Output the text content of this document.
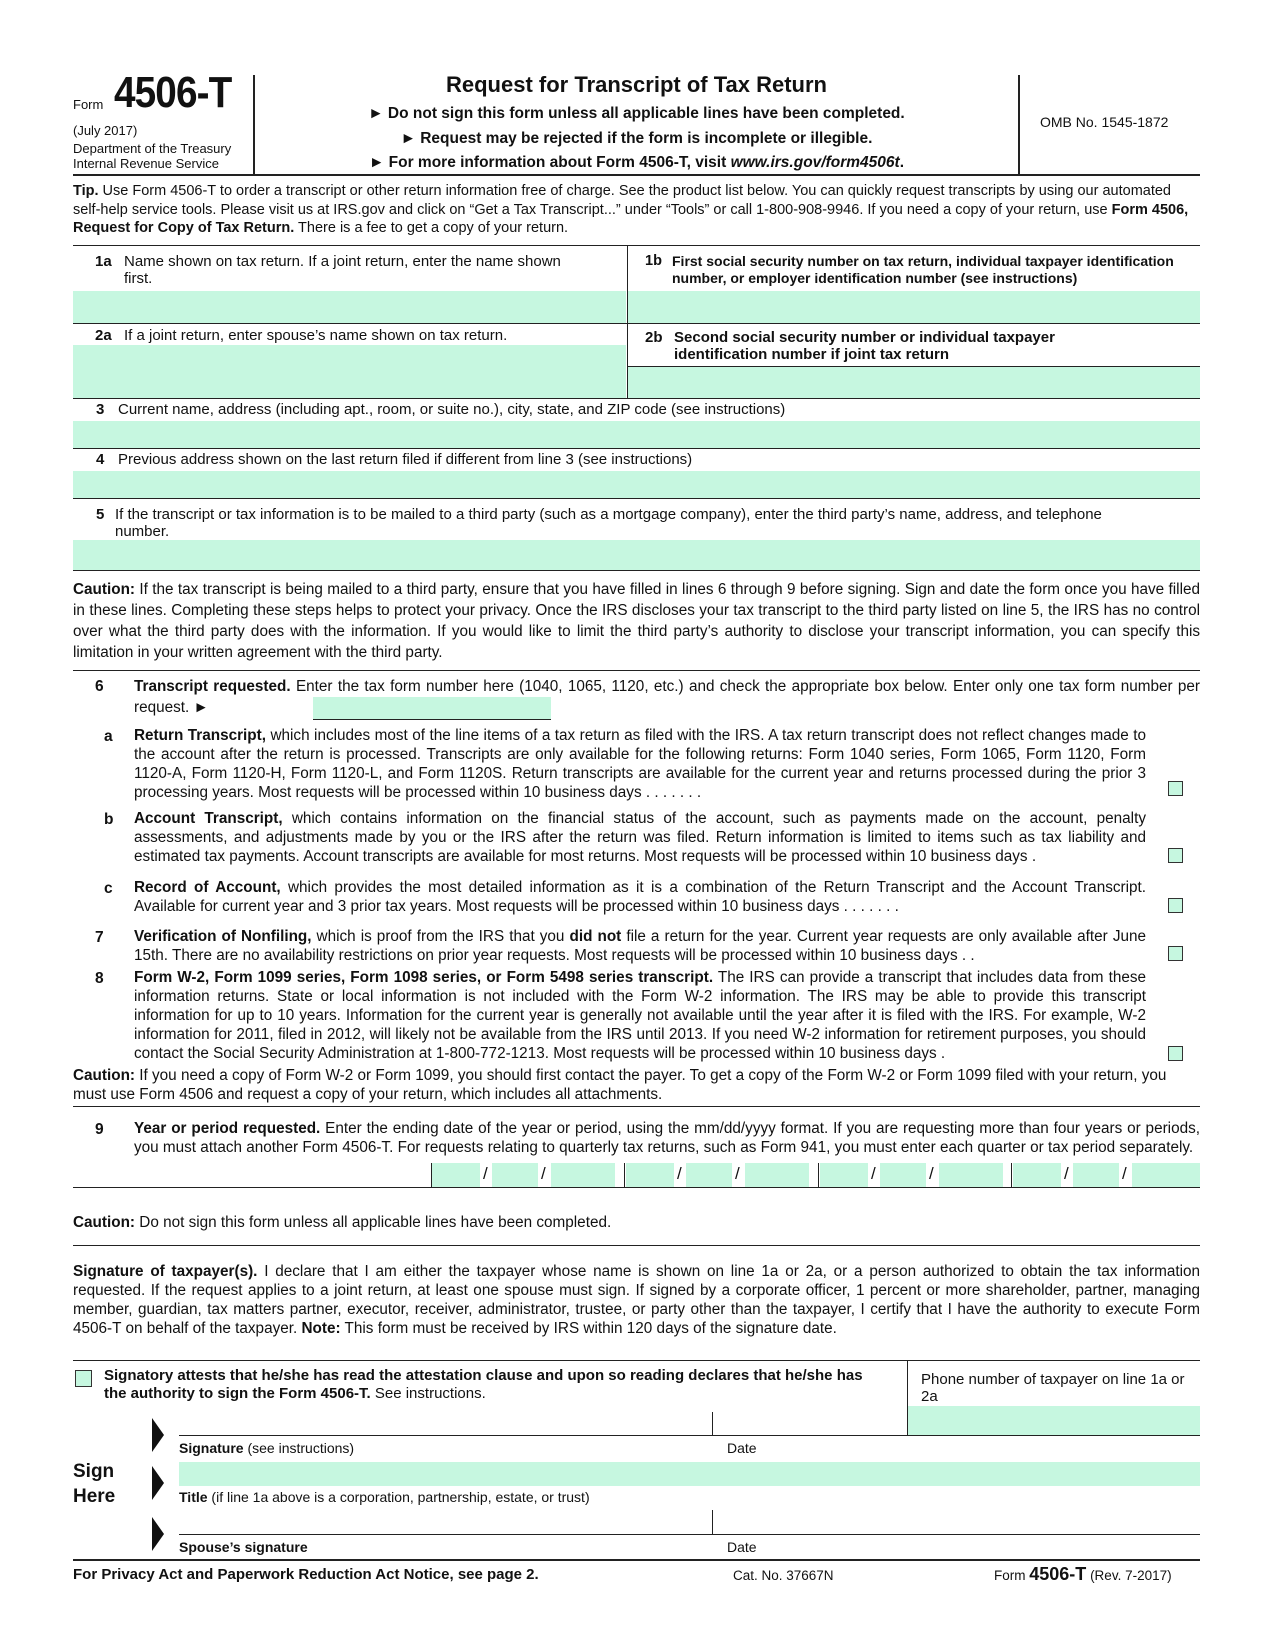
Form 4506-T
(July 2017)
Department of the Treasury
Internal Revenue Service
Request for Transcript of Tax Return
► Do not sign this form unless all applicable lines have been completed.
► Request may be rejected if the form is incomplete or illegible.
► For more information about Form 4506-T, visit www.irs.gov/form4506t.
OMB No. 1545-1872
Tip. Use Form 4506-T to order a transcript or other return information free of charge. See the product list below. You can quickly request transcripts by using our automated self-help service tools. Please visit us at IRS.gov and click on “Get a Tax Transcript...” under “Tools” or call 1-800-908-9946. If you need a copy of your return, use Form 4506, Request for Copy of Tax Return. There is a fee to get a copy of your return.
1a Name shown on tax return. If a joint return, enter the name shown first.
1b First social security number on tax return, individual taxpayer identification number, or employer identification number (see instructions)
2a If a joint return, enter spouse’s name shown on tax return.	2b Second social security number or individual taxpayer identification number if joint tax return
3 Current name, address (including apt., room, or suite no.), city, state, and ZIP code (see instructions)
4 Previous address shown on the last return filed if different from line 3 (see instructions)
5 If the transcript or tax information is to be mailed to a third party (such as a mortgage company), enter the third party’s name, address, and telephone number.
Caution: If the tax transcript is being mailed to a third party, ensure that you have filled in lines 6 through 9 before signing. Sign and date the form once you have filled in these lines. Completing these steps helps to protect your privacy. Once the IRS discloses your tax transcript to the third party listed on line 5, the IRS has no control over what the third party does with the information. If you would like to limit the third party’s authority to disclose your transcript information, you can specify this limitation in your written agreement with the third party.
6 Transcript requested. Enter the tax form number here (1040, 1065, 1120, etc.) and check the appropriate box below. Enter only one tax form number per request. ►
a Return Transcript, which includes most of the line items of a tax return as filed with the IRS. A tax return transcript does not reflect changes made to the account after the return is processed. Transcripts are only available for the following returns: Form 1040 series, Form 1065, Form 1120, Form 1120-A, Form 1120-H, Form 1120-L, and Form 1120S. Return transcripts are available for the current year and returns processed during the prior 3 processing years. Most requests will be processed within 10 business days . . . . . . .
b Account Transcript, which contains information on the financial status of the account, such as payments made on the account, penalty assessments, and adjustments made by you or the IRS after the return was filed. Return information is limited to items such as tax liability and estimated tax payments. Account transcripts are available for most returns. Most requests will be processed within 10 business days .
c Record of Account, which provides the most detailed information as it is a combination of the Return Transcript and the Account Transcript. Available for current year and 3 prior tax years. Most requests will be processed within 10 business days . . . . . . .
7 Verification of Nonfiling, which is proof from the IRS that you did not file a return for the year. Current year requests are only available after June 15th. There are no availability restrictions on prior year requests. Most requests will be processed within 10 business days . .
8 Form W-2, Form 1099 series, Form 1098 series, or Form 5498 series transcript. The IRS can provide a transcript that includes data from these information returns. State or local information is not included with the Form W-2 information. The IRS may be able to provide this transcript information for up to 10 years. Information for the current year is generally not available until the year after it is filed with the IRS. For example, W-2 information for 2011, filed in 2012, will likely not be available from the IRS until 2013. If you need W-2 information for retirement purposes, you should contact the Social Security Administration at 1-800-772-1213. Most requests will be processed within 10 business days .
Caution: If you need a copy of Form W-2 or Form 1099, you should first contact the payer. To get a copy of the Form W-2 or Form 1099 filed with your return, you must use Form 4506 and request a copy of your return, which includes all attachments.
9 Year or period requested. Enter the ending date of the year or period, using the mm/dd/yyyy format. If you are requesting more than four years or periods, you must attach another Form 4506-T. For requests relating to quarterly tax returns, such as Form 941, you must enter each quarter or tax period separately.
/	/	/	/	/	/	/	/
Caution: Do not sign this form unless all applicable lines have been completed.
Signature of taxpayer(s). I declare that I am either the taxpayer whose name is shown on line 1a or 2a, or a person authorized to obtain the tax information requested. If the request applies to a joint return, at least one spouse must sign. If signed by a corporate officer, 1 percent or more shareholder, partner, managing member, guardian, tax matters partner, executor, receiver, administrator, trustee, or party other than the taxpayer, I certify that I have the authority to execute Form 4506-T on behalf of the taxpayer. Note: This form must be received by IRS within 120 days of the signature date.
Signatory attests that he/she has read the attestation clause and upon so reading declares that he/she has the authority to sign the Form 4506-T. See instructions.
Phone number of taxpayer on line 1a or 2a
Sign
Here
Signature (see instructions)	Date
Title (if line 1a above is a corporation, partnership, estate, or trust)
Spouse’s signature	Date
For Privacy Act and Paperwork Reduction Act Notice, see page 2.	Cat. No. 37667N	Form 4506-T (Rev. 7-2017)
